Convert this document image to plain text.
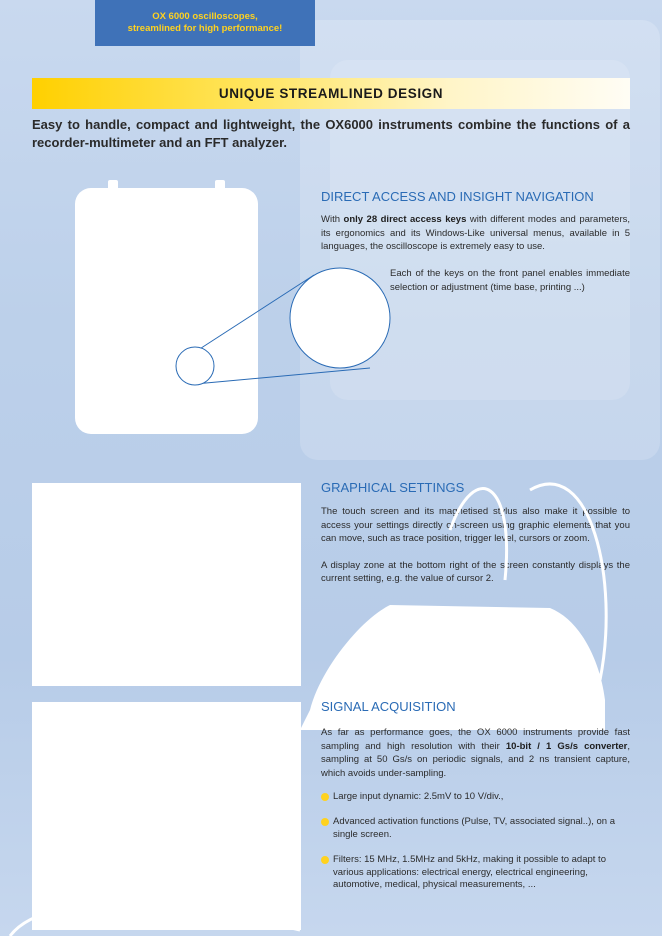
OX 6000 oscilloscopes,
streamlined for high performance!
UNIQUE STREAMLINED DESIGN
Easy to handle, compact and lightweight, the OX6000 instruments combine the functions of a recorder-multimeter and an FFT analyzer.
DIRECT ACCESS AND INSIGHT NAVIGATION
With only 28 direct access keys with different modes and parameters, its ergonomics and its Windows-Like universal menus, available in 5 languages, the oscilloscope is extremely easy to use.
Each of the keys on the front panel enables immediate selection or adjustment (time base, printing ...)
GRAPHICAL SETTINGS

The touch screen and its magnetised stylus also make it possible to access your settings directly on-screen using graphic elements that you can move, such as trace position, trigger level, cursors or zoom.

A display zone at the bottom right of the screen constantly displays the current setting, e.g. the value of cursor 2.

SIGNAL ACQUISITION
As far as performance goes, the OX 6000 instruments provide fast sampling and high resolution with their 10-bit / 1 Gs/s converter, sampling at 50 Gs/s on periodic signals, and 2 ns transient capture, which avoids under-sampling.
Large input dynamic: 2.5mV to 10 V/div.,
Advanced activation functions (Pulse, TV, associated signal..), on a single screen.
Filters: 15 MHz, 1.5MHz and 5kHz, making it possible to adapt to various applications: electrical energy, electrical engineering, automotive, medical, physical measurements, ...
